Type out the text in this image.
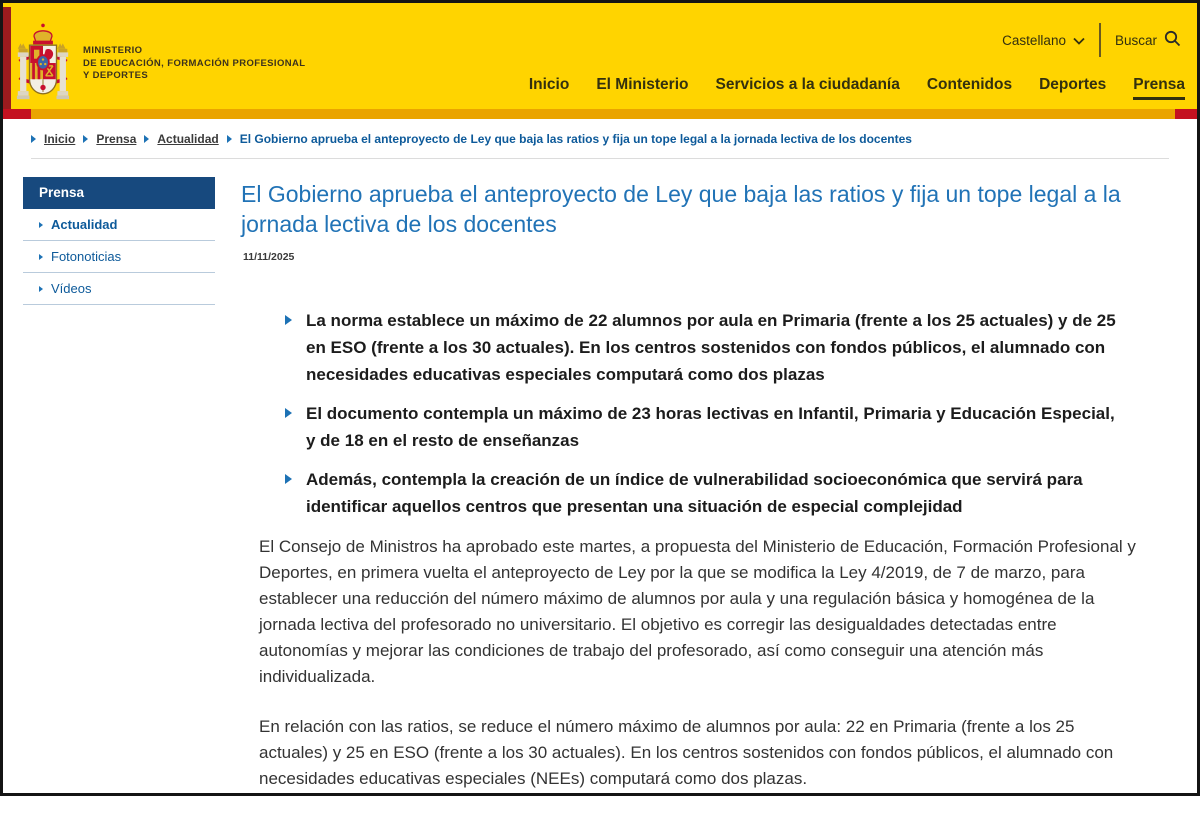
MINISTERIO
DE EDUCACIÓN, FORMACIÓN PROFESIONAL
Y DEPORTES
Castellano	Buscar
Inicio El Ministerio Servicios a la ciudadanía Contenidos Deportes Prensa
Inicio Prensa Actualidad El Gobierno aprueba el anteproyecto de Ley que baja las ratios y fija un tope legal a la jornada lectiva de los docentes
Prensa
Actualidad
Fotonoticias
Vídeos
El Gobierno aprueba el anteproyecto de Ley que baja las ratios y fija un tope legal a la jornada lectiva de los docentes
11/11/2025
La norma establece un máximo de 22 alumnos por aula en Primaria (frente a los 25 actuales) y de 25 en ESO (frente a los 30 actuales). En los centros sostenidos con fondos públicos, el alumnado con necesidades educativas especiales computará como dos plazas
El documento contempla un máximo de 23 horas lectivas en Infantil, Primaria y Educación Especial, y de 18 en el resto de enseñanzas
Además, contempla la creación de un índice de vulnerabilidad socioeconómica que servirá para identificar aquellos centros que presentan una situación de especial complejidad

El Consejo de Ministros ha aprobado este martes, a propuesta del Ministerio de Educación, Formación Profesional y Deportes, en primera vuelta el anteproyecto de Ley por la que se modifica la Ley 4/2019, de 7 de marzo, para establecer una reducción del número máximo de alumnos por aula y una regulación básica y homogénea de la jornada lectiva del profesorado no universitario. El objetivo es corregir las desigualdades detectadas entre autonomías y mejorar las condiciones de trabajo del profesorado, así como conseguir una atención más individualizada.

En relación con las ratios, se reduce el número máximo de alumnos por aula: 22 en Primaria (frente a los 25 actuales) y 25 en ESO (frente a los 30 actuales). En los centros sostenidos con fondos públicos, el alumnado con necesidades educativas especiales (NEEs) computará como dos plazas.
